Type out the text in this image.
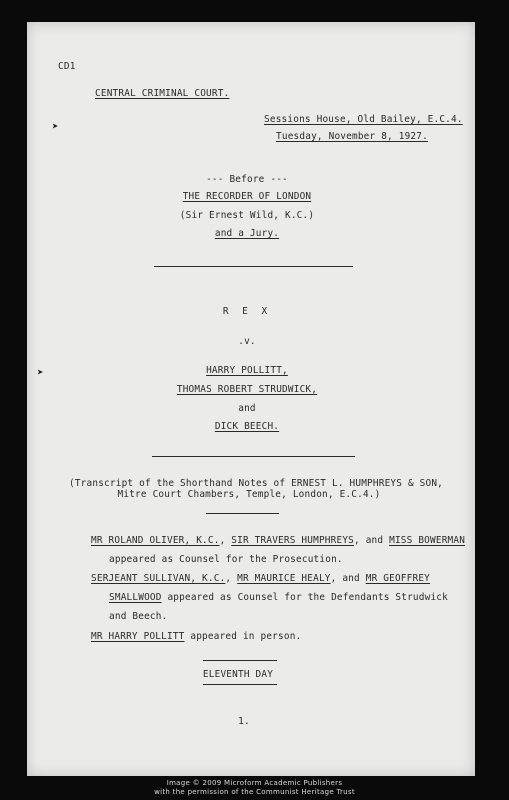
CD1
CENTRAL CRIMINAL COURT.
Sessions House, Old Bailey, E.C.4.
Tuesday, November 8, 1927.
➤
--- Before ---
THE RECORDER OF LONDON
(Sir Ernest Wild, K.C.)
and a Jury.
R E X
.v.
➤	HARRY POLLITT,
THOMAS ROBERT STRUDWICK,
and
DICK BEECH.
(Transcript of the Shorthand Notes of ERNEST L. HUMPHREYS & SON,
Mitre Court Chambers, Temple, London, E.C.4.)
MR ROLAND OLIVER, K.C., SIR TRAVERS HUMPHREYS, and MISS BOWERMAN
appeared as Counsel for the Prosecution.
SERJEANT SULLIVAN, K.C., MR MAURICE HEALY, and MR GEOFFREY
SMALLWOOD appeared as Counsel for the Defendants Strudwick
and Beech.
MR HARRY POLLITT appeared in person.
ELEVENTH DAY
1.
Image © 2009 Microform Academic Publishers
with the permission of the Communist Heritage Trust
